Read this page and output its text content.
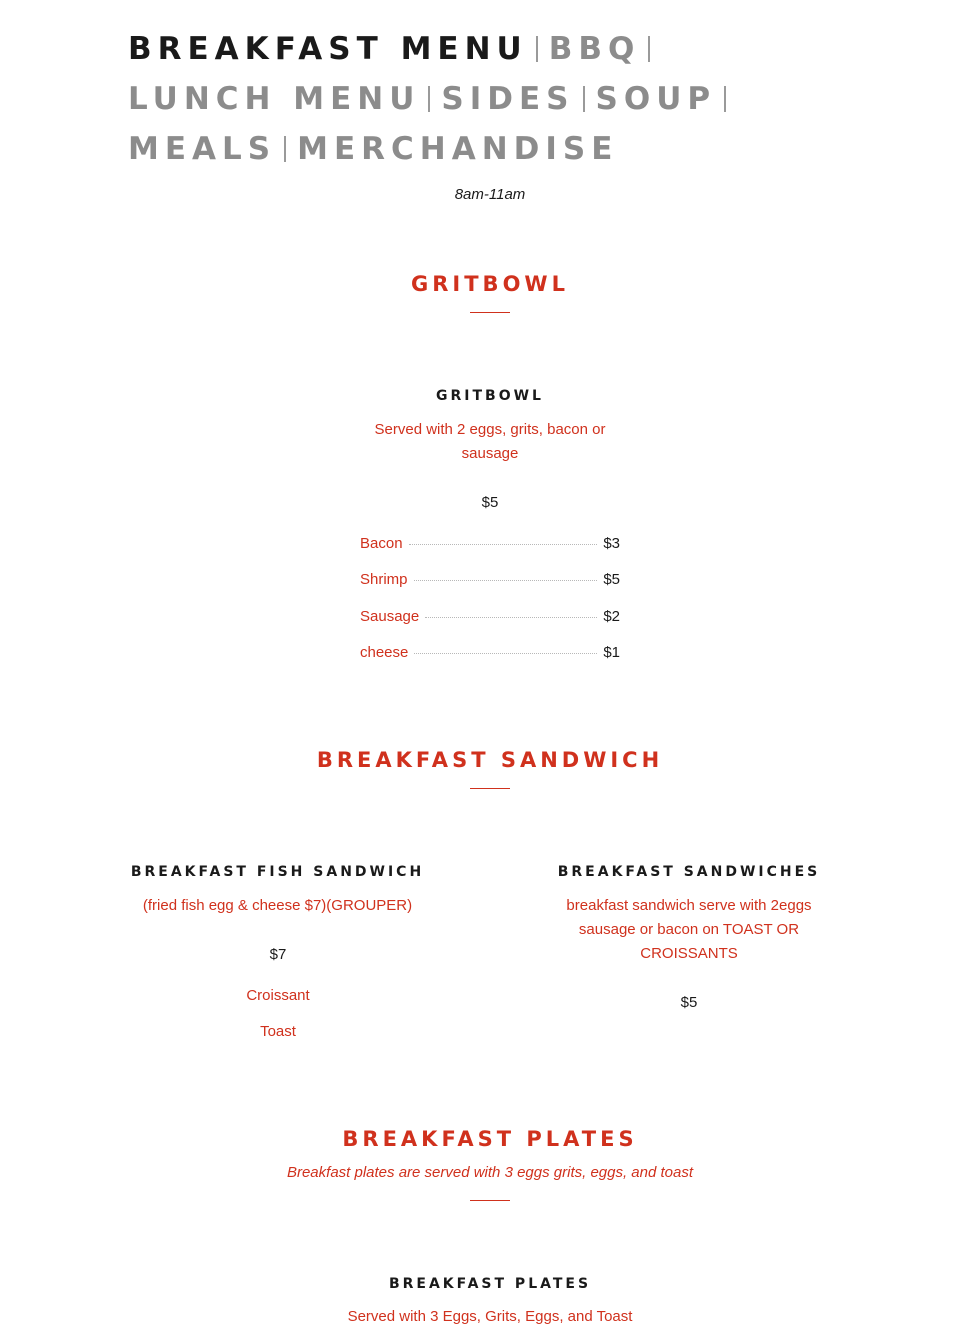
BREAKFAST MENU BBQ
LUNCH MENU SIDES SOUP
MEALS MERCHANDISE
8am-11am
GRITBOWL
GRITBOWL
Served with 2 eggs, grits, bacon or sausage
$5
Bacon	$3
Shrimp	$5
Sausage	$2
cheese	$1
BREAKFAST SANDWICH
BREAKFAST FISH SANDWICH
(fried fish egg & cheese $7)(GROUPER)
$7
Croissant
Toast
BREAKFAST SANDWICHES
breakfast sandwich serve with 2eggs sausage or bacon on TOAST OR CROISSANTS
$5
BREAKFAST PLATES
Breakfast plates are served with 3 eggs grits, eggs, and toast
BREAKFAST PLATES
Served with 3 Eggs, Grits, Eggs, and Toast
